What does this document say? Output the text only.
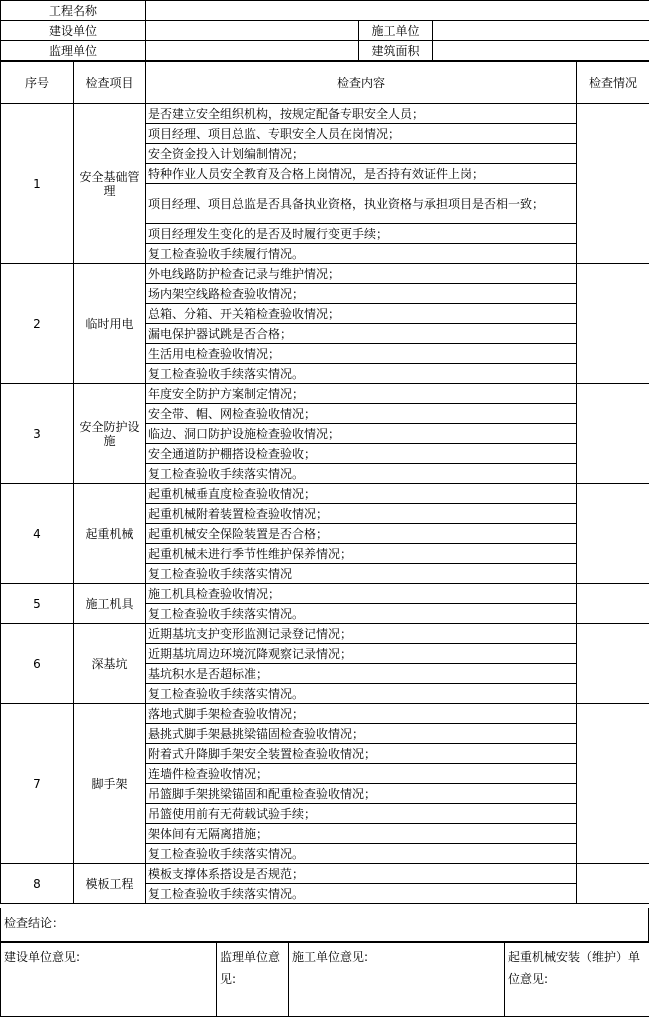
工程名称			
建设单位		施工单位	
监理单位		建筑面积	
序号	检查项目	检查内容	检查情况
1	安全基础管理	是否建立安全组织机构，按规定配备专职安全人员；	
		项目经理、项目总监、专职安全人员在岗情况；	
		安全资金投入计划编制情况；	
		特种作业人员安全教育及合格上岗情况，是否持有效证件上岗；	
		项目经理、项目总监是否具备执业资格，执业资格与承担项目是否相一致；	
		项目经理发生变化的是否及时履行变更手续；	
		复工检查验收手续履行情况。	
2	临时用电	外电线路防护检查记录与维护情况；	
		场内架空线路检查验收情况；	
		总箱、分箱、开关箱检查验收情况；	
		漏电保护器试跳是否合格；	
		生活用电检查验收情况；	
		复工检查验收手续落实情况。	
3	安全防护设施	年度安全防护方案制定情况；	
		安全带、帽、网检查验收情况；	
		临边、洞口防护设施检查验收情况；	
		安全通道防护棚搭设检查验收；	
		复工检查验收手续落实情况。	
4	起重机械	起重机械垂直度检查验收情况；	
		起重机械附着装置检查验收情况；	
		起重机械安全保险装置是否合格；	
		起重机械未进行季节性维护保养情况；	
		复工检查验收手续落实情况	
5	施工机具	施工机具检查验收情况；	
		复工检查验收手续落实情况。	
6	深基坑	近期基坑支护变形监测记录登记情况；	
		近期基坑周边环境沉降观察记录情况；	
		基坑积水是否超标准；	
		复工检查验收手续落实情况。	
7	脚手架	落地式脚手架检查验收情况；	
		悬挑式脚手架悬挑梁锚固检查验收情况；	
		附着式升降脚手架安全装置检查验收情况；	
		连墙件检查验收情况；	
		吊篮脚手架挑梁锚固和配重检查验收情况；	
		吊篮使用前有无荷载试验手续；	
		架体间有无隔离措施；	
		复工检查验收手续落实情况。	
8	模板工程	模板支撑体系搭设是否规范；	
		复工检查验收手续落实情况。	
检查结论：
建设单位意见:	监理单位意见:	施工单位意见:	起重机械安装（维护）单位意见:
